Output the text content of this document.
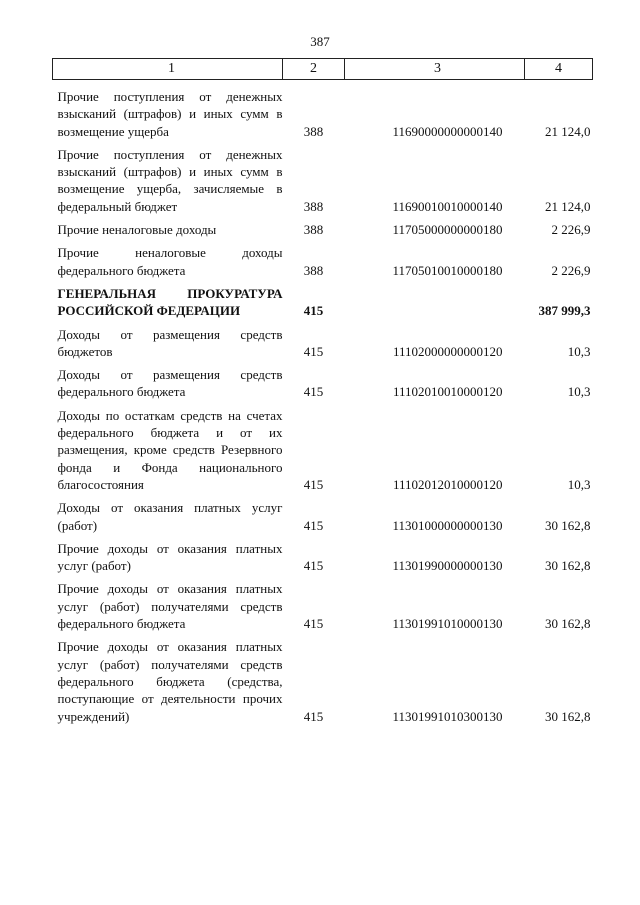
387
1	2	3	4

Прочие поступления от денежных взысканий (штрафов) и иных сумм в возмещение ущерба	388	11690000000000140	21 124,0
Прочие поступления от денежных взысканий (штрафов) и иных сумм в возмещение ущерба, зачисляемые в федеральный бюджет	388	11690010010000140	21 124,0
Прочие неналоговые доходы	388	11705000000000180	2 226,9
Прочие неналоговые доходы федерального бюджета	388	11705010010000180	2 226,9
ГЕНЕРАЛЬНАЯ ПРОКУРАТУРА РОССИЙСКОЙ ФЕДЕРАЦИИ	415		387 999,3
Доходы от размещения средств бюджетов	415	11102000000000120	10,3
Доходы от размещения средств федерального бюджета	415	11102010010000120	10,3
Доходы по остаткам средств на счетах федерального бюджета и от их размещения, кроме средств Резервного фонда и Фонда национального благосостояния	415	11102012010000120	10,3
Доходы от оказания платных услуг (работ)	415	11301000000000130	30 162,8
Прочие доходы от оказания платных услуг (работ)	415	11301990000000130	30 162,8
Прочие доходы от оказания платных услуг (работ) получателями средств федерального бюджета	415	11301991010000130	30 162,8
Прочие доходы от оказания платных услуг (работ) получателями средств федерального бюджета (средства, поступающие от деятельности прочих учреждений)	415	11301991010300130	30 162,8
